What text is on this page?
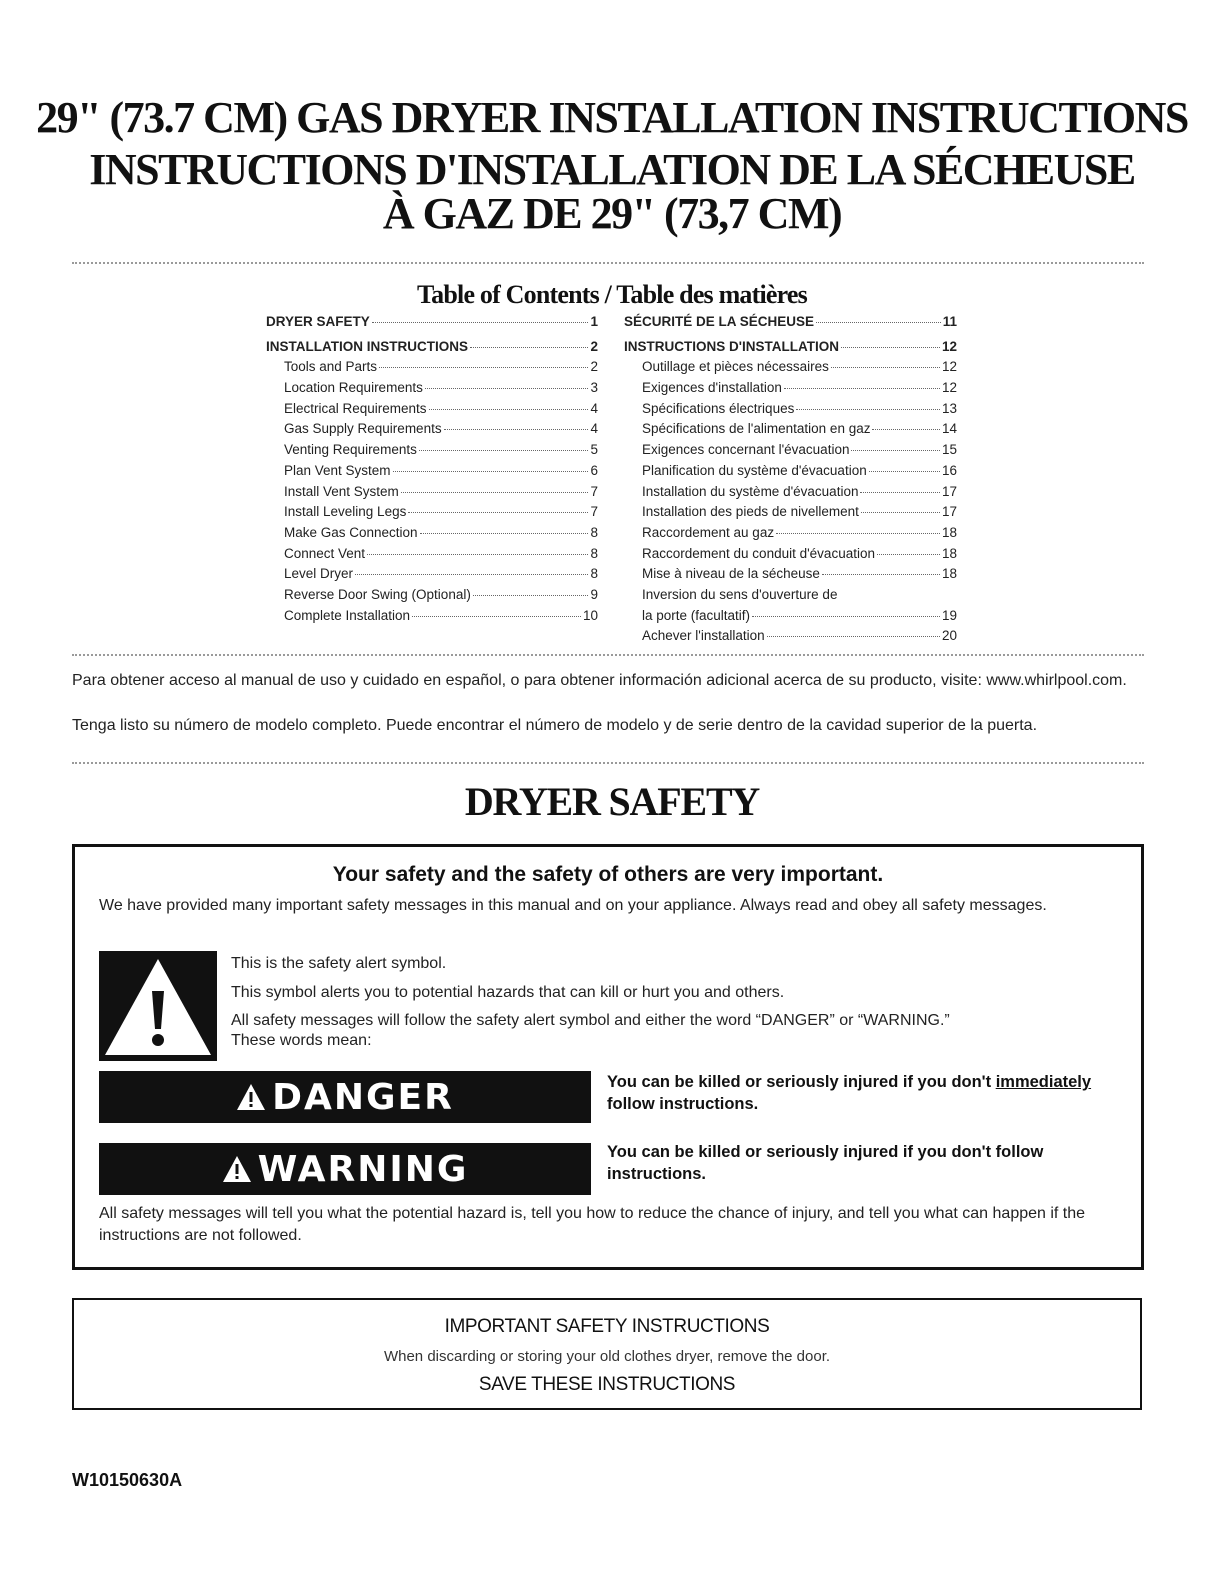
29" (73.7 CM) GAS DRYER INSTALLATION INSTRUCTIONS
INSTRUCTIONS D'INSTALLATION DE LA SÉCHEUSE
À GAZ DE 29" (73,7 CM)
Table of Contents / Table des matières
DRYER SAFETY	1
INSTALLATION INSTRUCTIONS	2
Tools and Parts	2
Location Requirements	3
Electrical Requirements	4
Gas Supply Requirements	4
Venting Requirements	5
Plan Vent System	6
Install Vent System	7
Install Leveling Legs	7
Make Gas Connection	8
Connect Vent	8
Level Dryer	8
Reverse Door Swing (Optional)	9
Complete Installation	10
SÉCURITÉ DE LA SÉCHEUSE	11
INSTRUCTIONS D'INSTALLATION	12
Outillage et pièces nécessaires	12
Exigences d'installation	12
Spécifications électriques	13
Spécifications de l'alimentation en gaz	14
Exigences concernant l'évacuation	15
Planification du système d'évacuation	16
Installation du système d'évacuation	17
Installation des pieds de nivellement	17
Raccordement au gaz	18
Raccordement du conduit d'évacuation	18
Mise à niveau de la sécheuse	18
Inversion du sens d'ouverture de
la porte (facultatif)	19
Achever l'installation	20
Para obtener acceso al manual de uso y cuidado en español, o para obtener información adicional acerca de su producto, visite: www.whirlpool.com.
Tenga listo su número de modelo completo. Puede encontrar el número de modelo y de serie dentro de la cavidad superior de la puerta.
DRYER SAFETY
Your safety and the safety of others are very important.
We have provided many important safety messages in this manual and on your appliance. Always read and obey all safety messages.
This is the safety alert symbol.
This symbol alerts you to potential hazards that can kill or hurt you and others.
All safety messages will follow the safety alert symbol and either the word “DANGER” or “WARNING.”
These words mean:
DANGER	You can be killed or seriously injured if you don't immediately follow instructions.
WARNING	You can be killed or seriously injured if you don't follow instructions.
All safety messages will tell you what the potential hazard is, tell you how to reduce the chance of injury, and tell you what can happen if the instructions are not followed.
IMPORTANT SAFETY INSTRUCTIONS
When discarding or storing your old clothes dryer, remove the door.
SAVE THESE INSTRUCTIONS
W10150630A
